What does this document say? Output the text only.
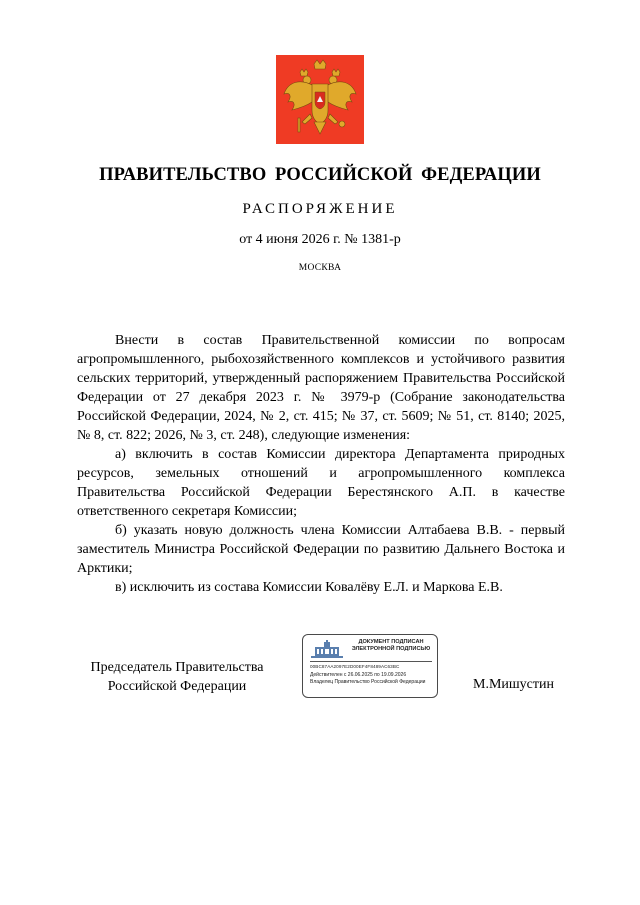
ПРАВИТЕЛЬСТВО РОССИЙСКОЙ ФЕДЕРАЦИИ
РАСПОРЯЖЕНИЕ
от 4 июня 2026 г. № 1381-р
МОСКВА

Внести в состав Правительственной комиссии по вопросам агропромышленного, рыбохозяйственного комплексов и устойчивого развития сельских территорий, утвержденный распоряжением Правительства Российской Федерации от 27 декабря 2023 г. № 3979-р (Собрание законодательства Российской Федерации, 2024, № 2, ст. 415; № 37, ст. 5609; № 51, ст. 8140; 2025, № 8, ст. 822; 2026, № 3, ст. 248), следующие изменения:

а) включить в состав Комиссии директора Департамента природных ресурсов, земельных отношений и агропромышленного комплекса Правительства Российской Федерации Берестянского А.П. в качестве ответственного секретаря Комиссии;

б) указать новую должность члена Комиссии Алтабаева В.В. - первый заместитель Министра Российской Федерации по развитию Дальнего Востока и Арктики;

в) исключить из состава Комиссии Ковалёву Е.Л. и Маркова Е.В.

Председатель Правительства
Российской Федерации
ДОКУМЕНТ ПОДПИСАН
ЭЛЕКТРОННОЙ ПОДПИСЬЮ
00BC87AA2097E2D00EF4F8489AC63BC
Действителен с 26.06.2025 по 19.09.2026
Владелец Правительство Российской Федерации	М.Мишустин
